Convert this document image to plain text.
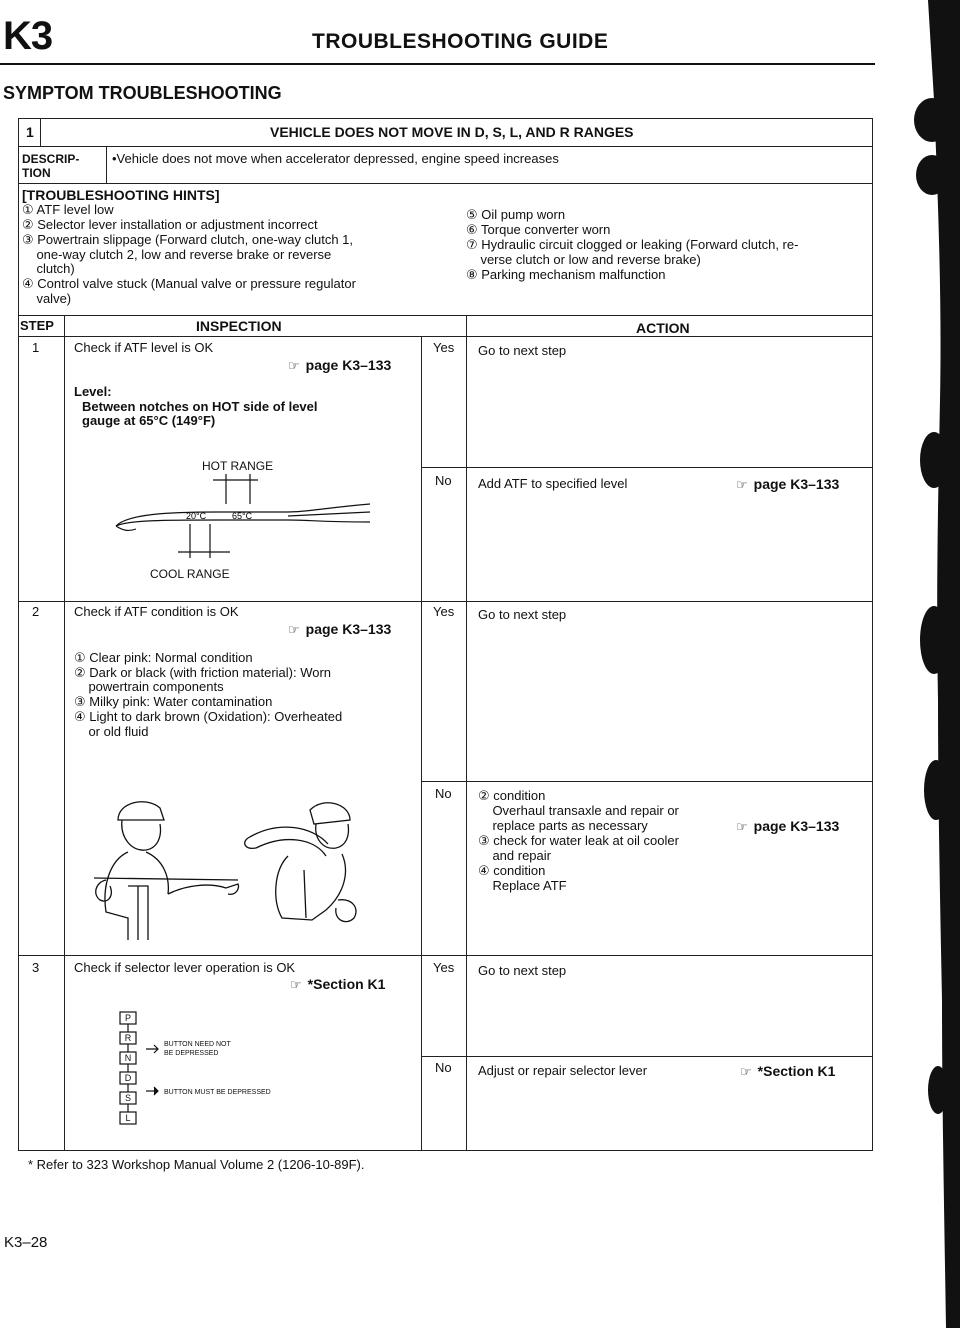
K3	TROUBLESHOOTING GUIDE
SYMPTOM TROUBLESHOOTING
1	VEHICLE DOES NOT MOVE IN D, S, L, AND R RANGES
DESCRIP-
TION
•Vehicle does not move when accelerator depressed, engine speed increases
[TROUBLESHOOTING HINTS]
① ATF level low
② Selector lever installation or adjustment incorrect
③ Powertrain slippage (Forward clutch, one-way clutch 1,
one-way clutch 2, low and reverse brake or reverse
clutch)
④ Control valve stuck (Manual valve or pressure regulator
valve)
⑤ Oil pump worn
⑥ Torque converter worn
⑦ Hydraulic circuit clogged or leaking (Forward clutch, re-
verse clutch or low and reverse brake)
⑧ Parking mechanism malfunction
STEP	INSPECTION	ACTION
1	Check if ATF level is OK
☞ page K3–133
Level:
Between notches on HOT side of level
gauge at 65°C (149°F)
HOT RANGE
COOL RANGE
20°C	65°C
Yes Go to next step
No Add ATF to specified level	☞ page K3–133
2	Check if ATF condition is OK
☞ page K3–133
① Clear pink: Normal condition
② Dark or black (with friction material): Worn
powertrain components
③ Milky pink: Water contamination
④ Light to dark brown (Oxidation): Overheated
or old fluid
Yes Go to next step
No ② condition
Overhaul transaxle and repair or
replace parts as necessary
③ check for water leak at oil cooler
and repair
④ condition
Replace ATF
☞ page K3–133
3	Check if selector lever operation is OK
☞ *Section K1
P
R
N
D
S
L
BUTTON NEED NOT
BE DEPRESSED
BUTTON MUST BE DEPRESSED
Yes Go to next step
No Adjust or repair selector lever	☞ *Section K1
* Refer to 323 Workshop Manual Volume 2 (1206-10-89F).
K3–28
